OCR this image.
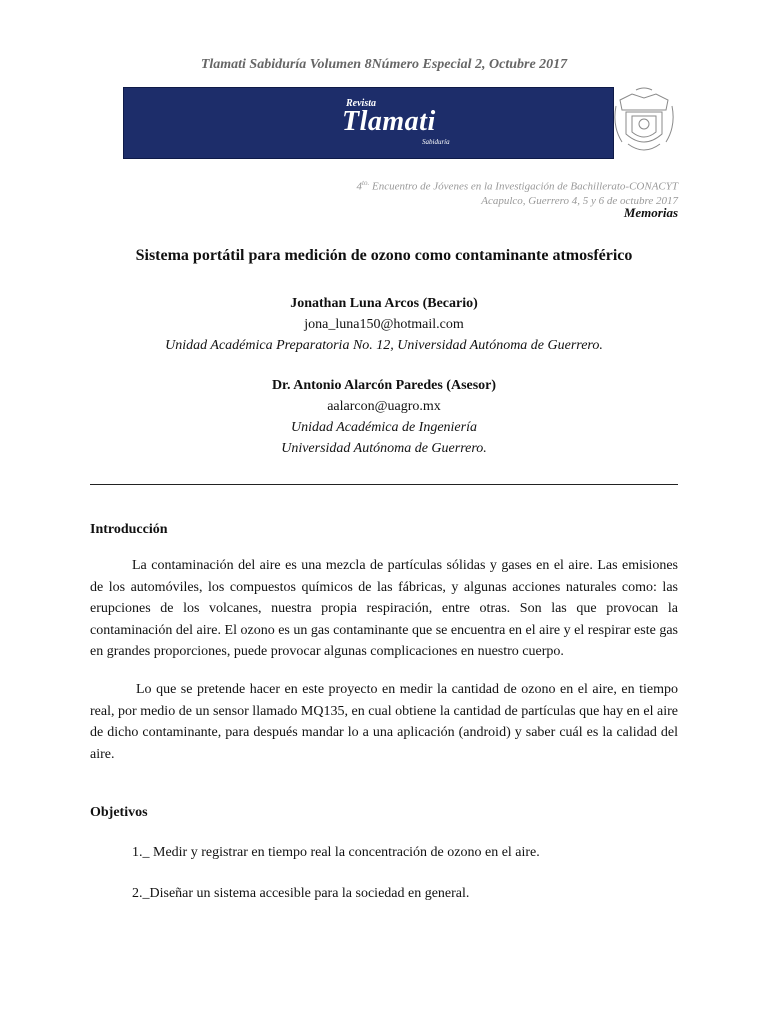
Tlamati Sabiduría Volumen 8Número Especial 2, Octubre 2017
Revista
Tlamati
Sabiduría
$4^{to.}$ Encuentro de Jóvenes en la Investigación de Bachillerato-CONACYT
Acapulco, Guerrero 4, 5 y 6 de octubre 2017
Memorias
Sistema portátil para medición de ozono como contaminante atmosférico
Jonathan Luna Arcos (Becario)
jona_luna150@hotmail.com
Unidad Académica Preparatoria No. 12, Universidad Autónoma de Guerrero.
Dr. Antonio Alarcón Paredes (Asesor)
aalarcon@uagro.mx
Unidad Académica de Ingeniería
Universidad Autónoma de Guerrero.
Introducción

La contaminación del aire es una mezcla de partículas sólidas y gases en el aire. Las emisiones de los automóviles, los compuestos químicos de las fábricas, y algunas acciones naturales como: las erupciones de los volcanes, nuestra propia respiración, entre otras. Son las que provocan la contaminación del aire. El ozono es un gas contaminante que se encuentra en el aire y el respirar este gas en grandes proporciones, puede provocar algunas complicaciones en nuestro cuerpo.

Lo que se pretende hacer en este proyecto en medir la cantidad de ozono en el aire, en tiempo real, por medio de un sensor llamado MQ135, en cual obtiene la cantidad de partículas que hay en el aire de dicho contaminante, para después mandar lo a una aplicación (android) y saber cuál es la calidad del aire.

Objetivos
1._ Medir y registrar en tiempo real la concentración de ozono en el aire.
2._Diseñar un sistema accesible para la sociedad en general.
